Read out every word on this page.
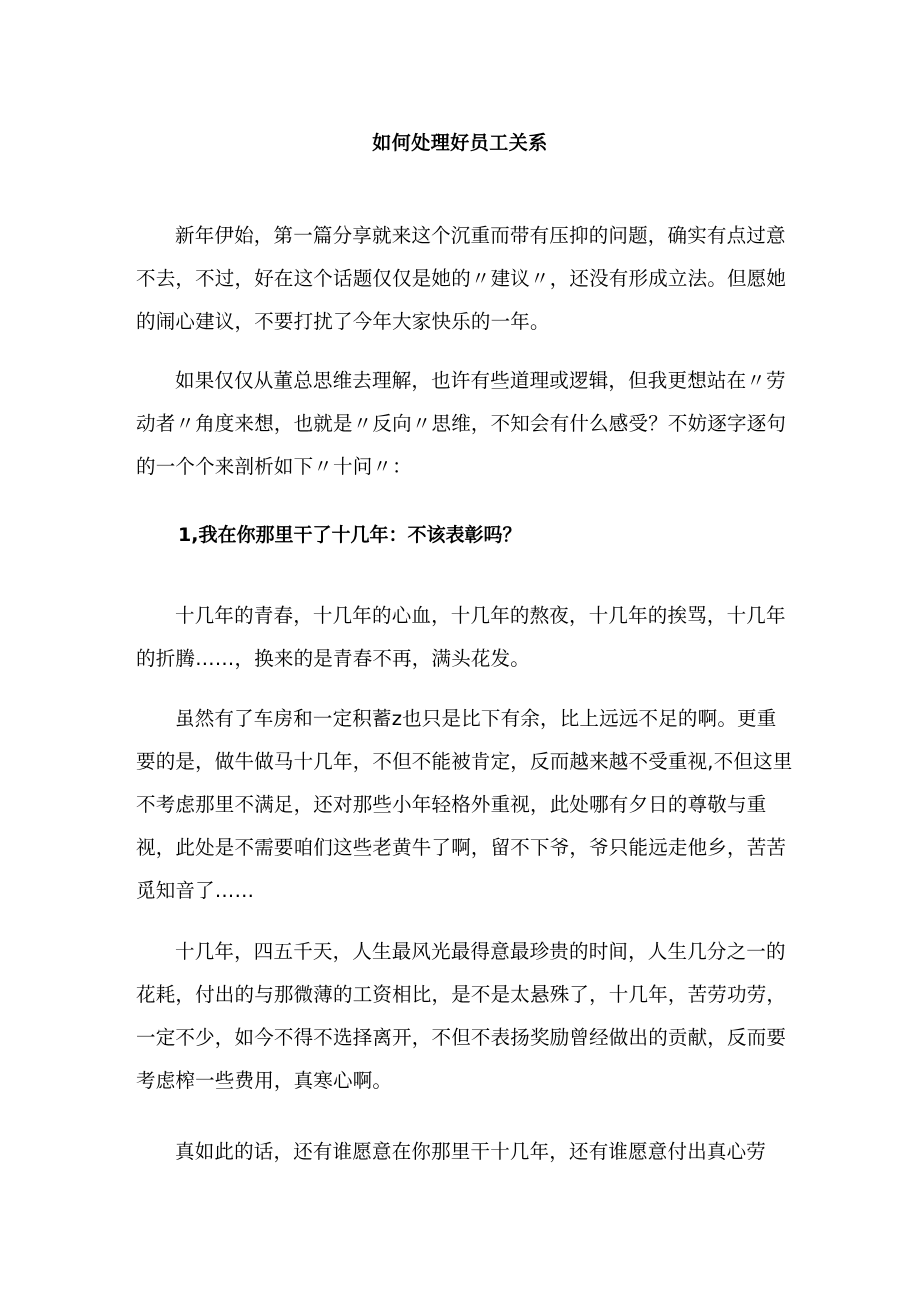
如何处理好员工关系

新年伊始，第一篇分享就来这个沉重而带有压抑的问题，确实有点过意不去，不过，好在这个话题仅仅是她的〃建议〃，还没有形成立法。但愿她的闹心建议，不要打扰了今年大家快乐的一年。

如果仅仅从董总思维去理解，也许有些道理或逻辑，但我更想站在〃劳动者〃角度来想，也就是〃反向〃思维，不知会有什么感受？不妨逐字逐句的一个个来剖析如下〃十问〃：

1,我在你那里干了十几年：不该表彰吗？

十几年的青春，十几年的心血，十几年的熬夜，十几年的挨骂，十几年的折腾……，换来的是青春不再，满头花发。

虽然有了车房和一定积蓄z也只是比下有余，比上远远不足的啊。更重要的是，做牛做马十几年，不但不能被肯定，反而越来越不受重视,不但这里不考虑那里不满足，还对那些小年轻格外重视，此处哪有夕日的尊敬与重视，此处是不需要咱们这些老黄牛了啊，留不下爷，爷只能远走他乡，苦苦觅知音了……

十几年，四五千天，人生最风光最得意最珍贵的时间，人生几分之一的花耗，付出的与那微薄的工资相比，是不是太悬殊了，十几年，苦劳功劳，一定不少，如今不得不选择离开，不但不表扬奖励曾经做出的贡献，反而要考虑榨一些费用，真寒心啊。

真如此的话，还有谁愿意在你那里干十几年，还有谁愿意付出真心劳
